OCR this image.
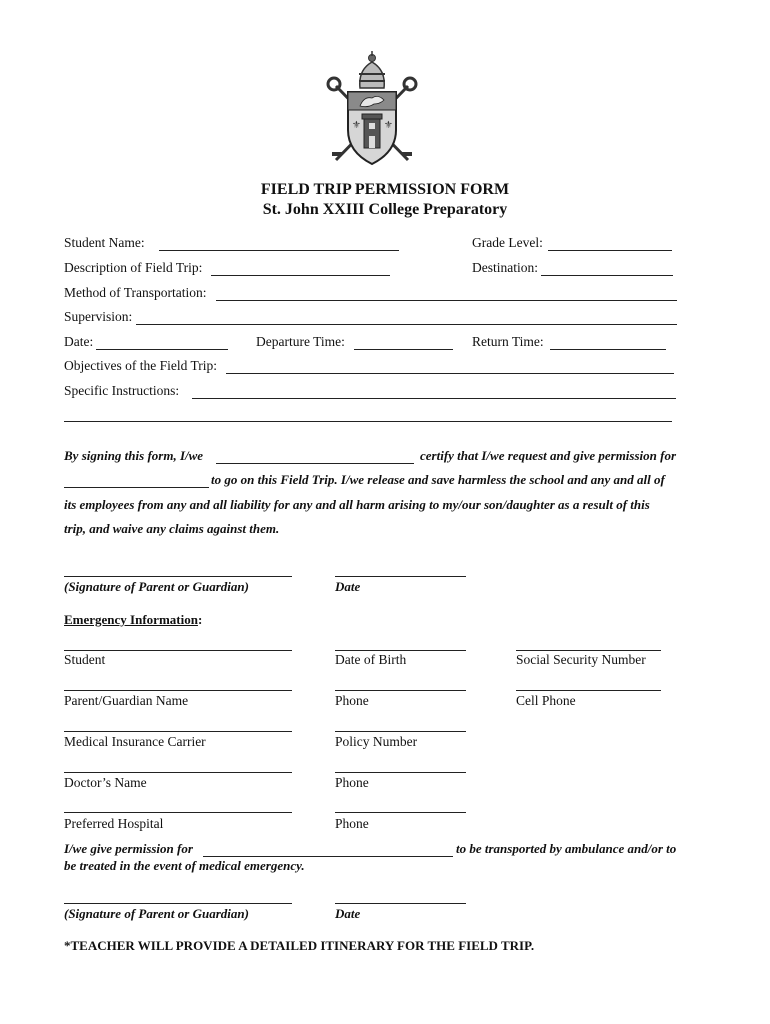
⚜ ⚜
FIELD TRIP PERMISSION FORM
St. John XXIII College Preparatory
Student Name:	Grade Level:
Description of Field Trip:	Destination:
Method of Transportation:
Supervision:
Date:	Departure Time:	Return Time:
Objectives of the Field Trip:
Specific Instructions:
By signing this form, I/we	certify that I/we request and give permission for
to go on this Field Trip. I/we release and save harmless the school and any and all of
its employees from any and all liability for any and all harm arising to my/our son/daughter as a result of this
trip, and waive any claims against them.
(Signature of Parent or Guardian)	Date
Emergency Information:
Student	Date of Birth	Social Security Number
Parent/Guardian Name	Phone	Cell Phone
Medical Insurance Carrier	Policy Number
Doctor’s Name	Phone
Preferred Hospital	Phone
I/we give permission for	to be transported by ambulance and/or to
be treated in the event of medical emergency.
(Signature of Parent or Guardian)	Date
*TEACHER WILL PROVIDE A DETAILED ITINERARY FOR THE FIELD TRIP.
